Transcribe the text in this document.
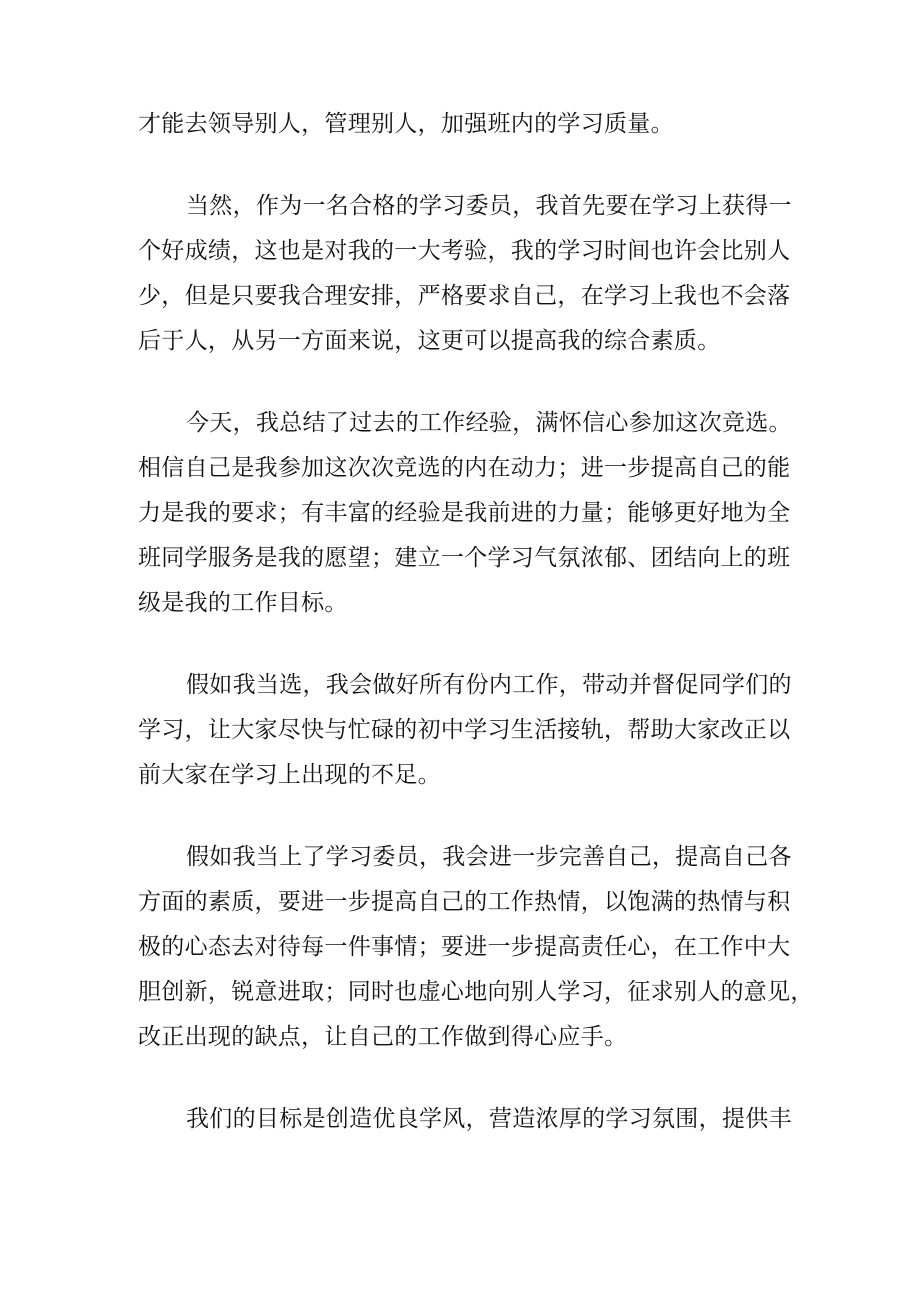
才能去领导别人，管理别人，加强班内的学习质量。
当然，作为一名合格的学习委员，我首先要在学习上获得一
个好成绩，这也是对我的一大考验，我的学习时间也许会比别人
少，但是只要我合理安排，严格要求自己，在学习上我也不会落
后于人，从另一方面来说，这更可以提高我的综合素质。
今天，我总结了过去的工作经验，满怀信心参加这次竞选。
相信自己是我参加这次次竞选的内在动力；进一步提高自己的能
力是我的要求；有丰富的经验是我前进的力量；能够更好地为全
班同学服务是我的愿望；建立一个学习气氛浓郁、团结向上的班
级是我的工作目标。
假如我当选，我会做好所有份内工作，带动并督促同学们的
学习，让大家尽快与忙碌的初中学习生活接轨，帮助大家改正以
前大家在学习上出现的不足。
假如我当上了学习委员，我会进一步完善自己，提高自己各
方面的素质，要进一步提高自己的工作热情，以饱满的热情与积
极的心态去对待每一件事情；要进一步提高责任心，在工作中大
胆创新，锐意进取；同时也虚心地向别人学习，征求别人的意见，
改正出现的缺点，让自己的工作做到得心应手。
我们的目标是创造优良学风，营造浓厚的学习氛围，提供丰
